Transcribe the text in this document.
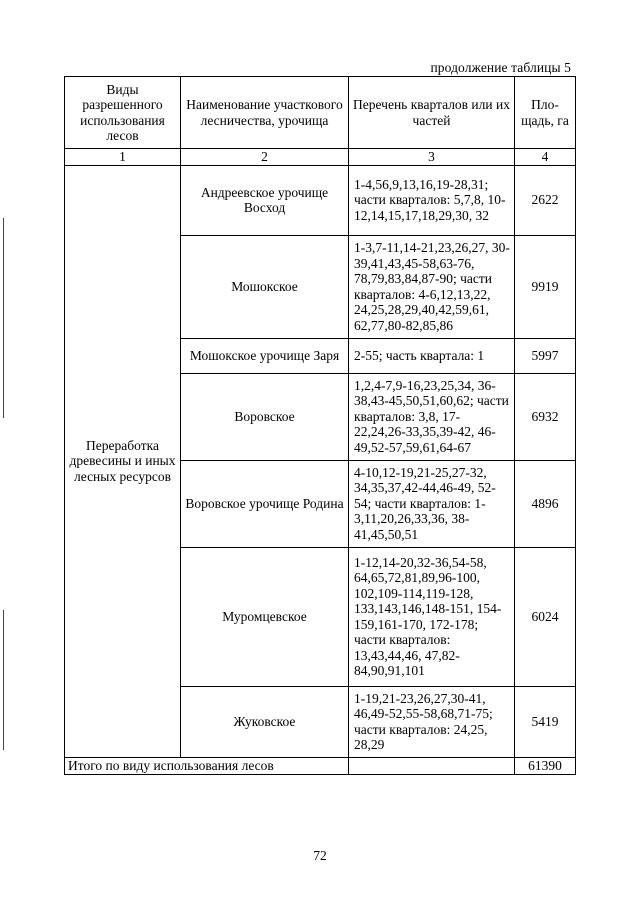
продолжение таблицы 5
Виды разрешенного использования лесов	Наименование участкового лесничества, урочища	Перечень кварталов или их частей	Пло-щадь, га
1	2	3	4
Переработка древесины и иных лесных ресурсов	Андреевское урочище Восход	1-4,56,9,13,16,19-28,31; части кварталов: 5,7,8, 10-12,14,15,17,18,29,30, 32	2622
	Мошокское	1-3,7-11,14-21,23,26,27, 30-39,41,43,45-58,63-76, 78,79,83,84,87-90; части кварталов: 4-6,12,13,22, 24,25,28,29,40,42,59,61, 62,77,80-82,85,86	9919
	Мошокское урочище Заря	2-55; часть квартала: 1	5997
	Воровское	1,2,4-7,9-16,23,25,34, 36-38,43-45,50,51,60,62; части кварталов: 3,8, 17-22,24,26-33,35,39-42, 46-49,52-57,59,61,64-67	6932
	Воровское урочище Родина	4-10,12-19,21-25,27-32, 34,35,37,42-44,46-49, 52-54; части кварталов: 1-3,11,20,26,33,36, 38-41,45,50,51	4896
	Муромцевское	1-12,14-20,32-36,54-58, 64,65,72,81,89,96-100, 102,109-114,119-128, 133,143,146,148-151, 154-159,161-170, 172-178; части кварталов: 13,43,44,46, 47,82-84,90,91,101	6024
	Жуковское	1-19,21-23,26,27,30-41, 46,49-52,55-58,68,71-75; части кварталов: 24,25, 28,29	5419
Итого по виду использования лесов			61390
72
